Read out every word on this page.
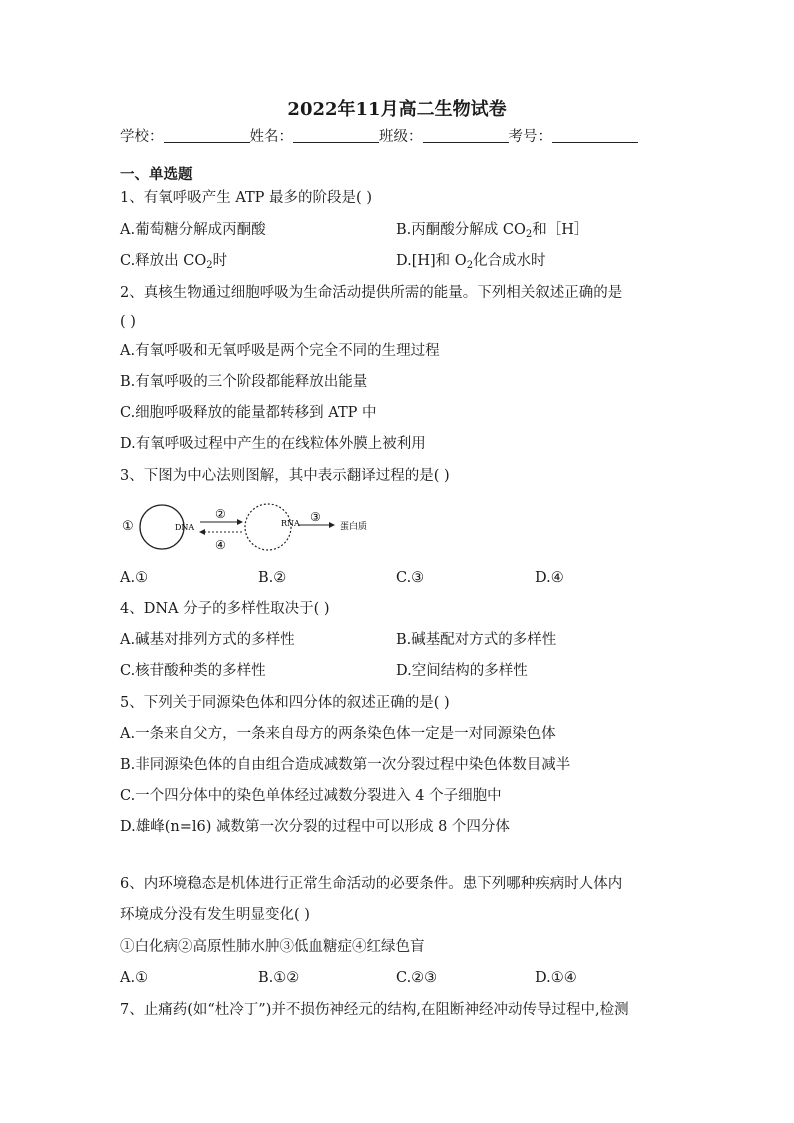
2022年11月高二生物试卷
学校：	姓名：	班级：	考号：
一、单选题
1、有氧呼吸产生 ATP 最多的阶段是( )
A.葡萄糖分解成丙酮酸	B.丙酮酸分解成 $CO_2$和［H］
C.释放出 $CO_2$时	D.[H]和 $O_2$化合成水时
2、真核生物通过细胞呼吸为生命活动提供所需的能量。下列相关叙述正确的是
( )
A.有氧呼吸和无氧呼吸是两个完全不同的生理过程
B.有氧呼吸的三个阶段都能释放出能量
C.细胞呼吸释放的能量都转移到 ATP 中
D.有氧呼吸过程中产生的在线粒体外膜上被利用
3、下图为中心法则图解，其中表示翻译过程的是( )
①	DNA
②
④
RNA ③
蛋白质
A.①	B.②	C.③	D.④
4、DNA 分子的多样性取决于( )
A.碱基对排列方式的多样性	B.碱基配对方式的多样性
C.核苷酸种类的多样性	D.空间结构的多样性
5、下列关于同源染色体和四分体的叙述正确的是( )
A.一条来自父方，一条来自母方的两条染色体一定是一对同源染色体
B.非同源染色体的自由组合造成减数第一次分裂过程中染色体数目减半
C.一个四分体中的染色单体经过减数分裂进入 4 个子细胞中
D.雄峰(n=l6) 减数第一次分裂的过程中可以形成 8 个四分体
6、内环境稳态是机体进行正常生命活动的必要条件。患下列哪种疾病时人体内
环境成分没有发生明显变化( )
①白化病②高原性肺水肿③低血糖症④红绿色盲
A.①	B.①②	C.②③	D.①④
7、止痛药(如“杜冷丁”)并不损伤神经元的结构,在阻断神经冲动传导过程中,检测
